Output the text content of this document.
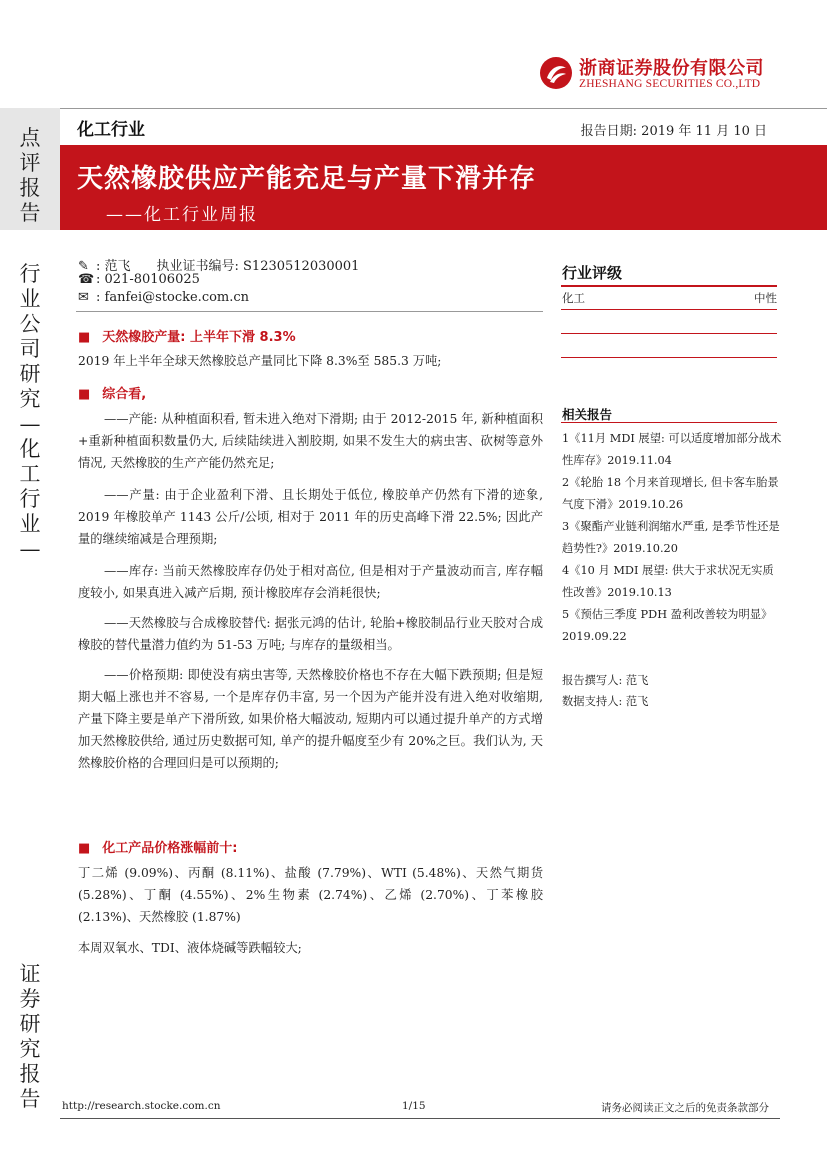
点评报告
行业公司研究—化工行业—
证券研究报告
浙商证券股份有限公司
ZHESHANG SECURITIES CO.,LTD
化工行业	报告日期: 2019 年 11 月 10 日
天然橡胶供应产能充足与产量下滑并存
——化工行业周报
✎ : 范飞 执业证书编号: S1230512030001
☎ : 021-80106025
✉ : fanfei@stocke.com.cn
■ 天然橡胶产量: 上半年下滑 8.3%
2019 年上半年全球天然橡胶总产量同比下降 8.3%至 585.3 万吨;
■ 综合看,
——产能: 从种植面积看, 暂未进入绝对下滑期; 由于 2012-2015 年, 新种植面积+重新种植面积数量仍大, 后续陆续进入割胶期, 如果不发生大的病虫害、砍树等意外情况, 天然橡胶的生产产能仍然充足;
——产量: 由于企业盈利下滑、且长期处于低位, 橡胶单产仍然有下滑的迹象, 2019 年橡胶单产 1143 公斤/公顷, 相对于 2011 年的历史高峰下滑 22.5%; 因此产量的继续缩减是合理预期;
——库存: 当前天然橡胶库存仍处于相对高位, 但是相对于产量波动而言, 库存幅度较小, 如果真进入减产后期, 预计橡胶库存会消耗很快;
——天然橡胶与合成橡胶替代: 据张元鸿的估计, 轮胎+橡胶制品行业天胶对合成橡胶的替代量潜力值约为 51-53 万吨; 与库存的量级相当。
——价格预期: 即使没有病虫害等, 天然橡胶价格也不存在大幅下跌预期; 但是短期大幅上涨也并不容易, 一个是库存仍丰富, 另一个因为产能并没有进入绝对收缩期, 产量下降主要是单产下滑所致, 如果价格大幅波动, 短期内可以通过提升单产的方式增加天然橡胶供给, 通过历史数据可知, 单产的提升幅度至少有 20%之巨。我们认为, 天然橡胶价格的合理回归是可以预期的;
■ 化工产品价格涨幅前十:
丁二烯 (9.09%)、丙酮 (8.11%)、盐酸 (7.79%)、WTI (5.48%)、天然气期货 (5.28%)、丁酮 (4.55%)、2%生物素 (2.74%)、乙烯 (2.70%)、丁苯橡胶 (2.13%)、天然橡胶 (1.87%)
本周双氧水、TDI、液体烧碱等跌幅较大;
行业评级
化工	中性
相关报告
1《11月 MDI 展望: 可以适度增加部分战术性库存》2019.11.04
2《轮胎 18 个月来首现增长, 但卡客车胎景气度下滑》2019.10.26
3《聚酯产业链利润缩水严重, 是季节性还是趋势性?》2019.10.20
4《10 月 MDI 展望: 供大于求状况无实质性改善》2019.10.13
5《预估三季度 PDH 盈利改善较为明显》2019.09.22
报告撰写人: 范飞
数据支持人: 范飞
http://research.stocke.com.cn	1/15	请务必阅读正文之后的免责条款部分
